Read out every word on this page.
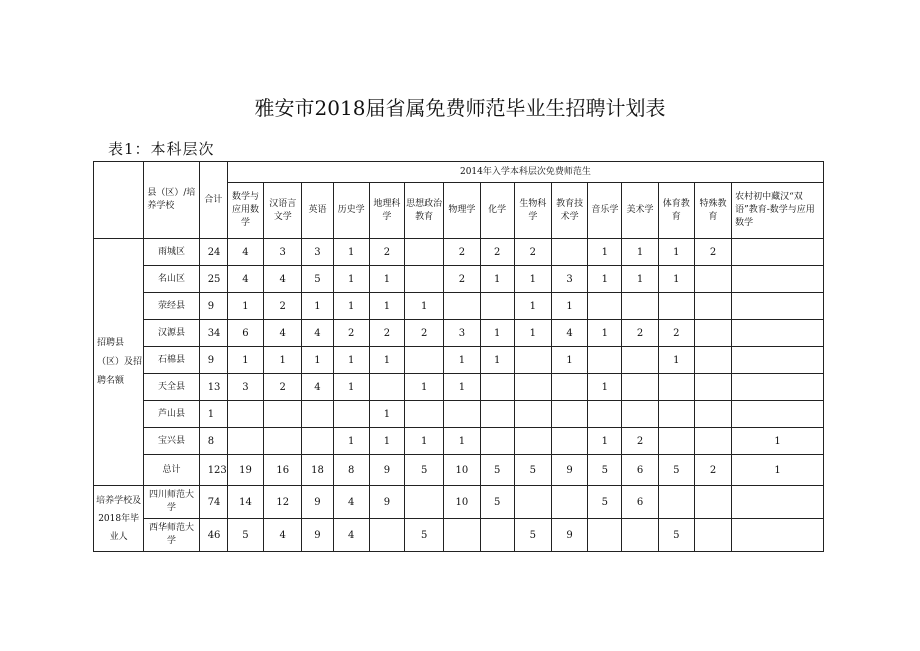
雅安市2018届省属免费师范毕业生招聘计划表
表1：本科层次
	县（区）/培养学校	合计	2014年入学本科层次免费师范生														
			数学与应用数学	汉语言文学	英语	历史学	地理科学	思想政治教育	物理学	化学	生物科学	教育技术学	音乐学	美术学	体育教育	特殊教育	农村初中藏汉“双语”教育-数学与应用数学
招聘县（区）及招聘名额	雨城区	24	4	3	3	1	2		2	2	2		1	1	1	2	
	名山区	25	4	4	5	1	1		2	1	1	3	1	1	1		
	荥经县	9	1	2	1	1	1	1			1	1					
	汉源县	34	6	4	4	2	2	2	3	1	1	4	1	2	2		
	石棉县	9	1	1	1	1	1		1	1		1			1		
	天全县	13	3	2	4	1		1	1				1				
	芦山县	1					1										
	宝兴县	8				1	1	1	1				1	2			1
	总计	123	19	16	18	8	9	5	10	5	5	9	5	6	5	2	1
培养学校及2018年毕业人	四川师范大学	74	14	12	9	4	9		10	5			5	6			
	西华师范大学	46	5	4	9	4		5			5	9			5		
